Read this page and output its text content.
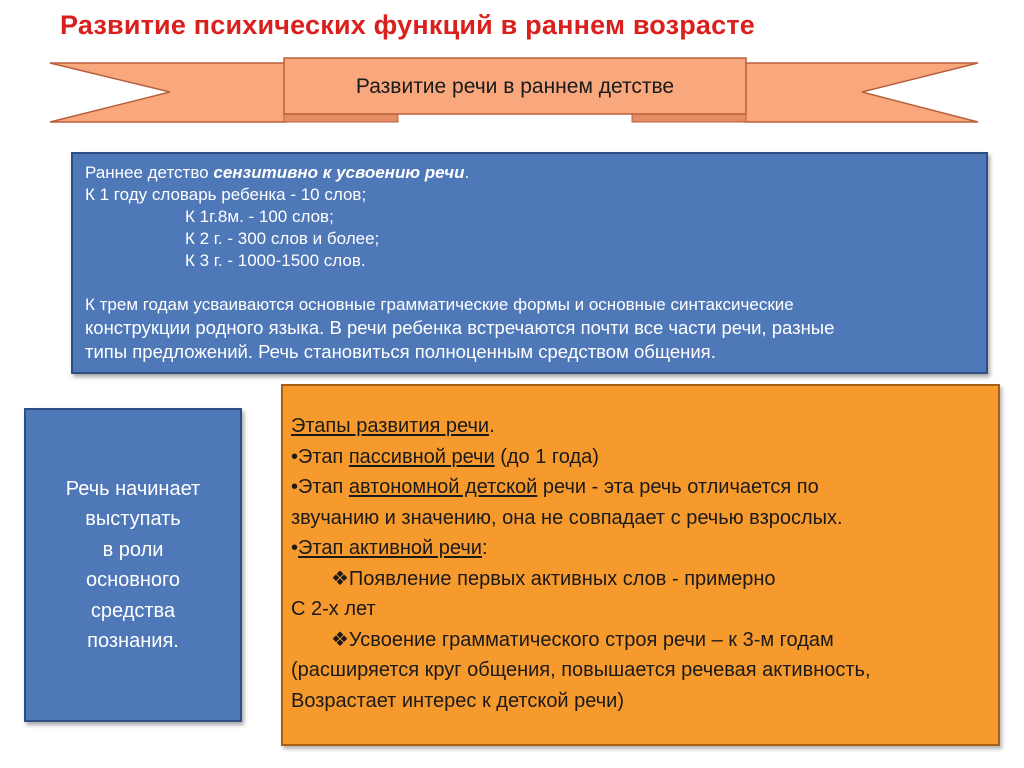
Развитие психических функций в раннем возрасте
Развитие речи в раннем детстве
Раннее детство сензитивно к усвоению речи.
К 1 году словарь ребенка - 10 слов;
К 1г.8м. - 100 слов;
К 2 г. - 300 слов и более;
К 3 г. - 1000-1500 слов.
К трем годам усваиваются основные грамматические формы и основные синтаксические
конструкции родного языка. В речи ребенка встречаются почти все части речи, разные
типы предложений. Речь становиться полноценным средством общения.
Речь начинает
выступать
в роли
основного
средства
познания.
Этапы развития речи.
•Этап пассивной речи (до 1 года)
•Этап автономной детской речи - эта речь отличается по
звучанию и значению, она не совпадает с речью взрослых.
•Этап активной речи:
❖Появление первых активных слов - примерно
С 2-х лет
❖Усвоение грамматического строя речи – к 3-м годам
(расширяется круг общения, повышается речевая активность,
Возрастает интерес к детской речи)
